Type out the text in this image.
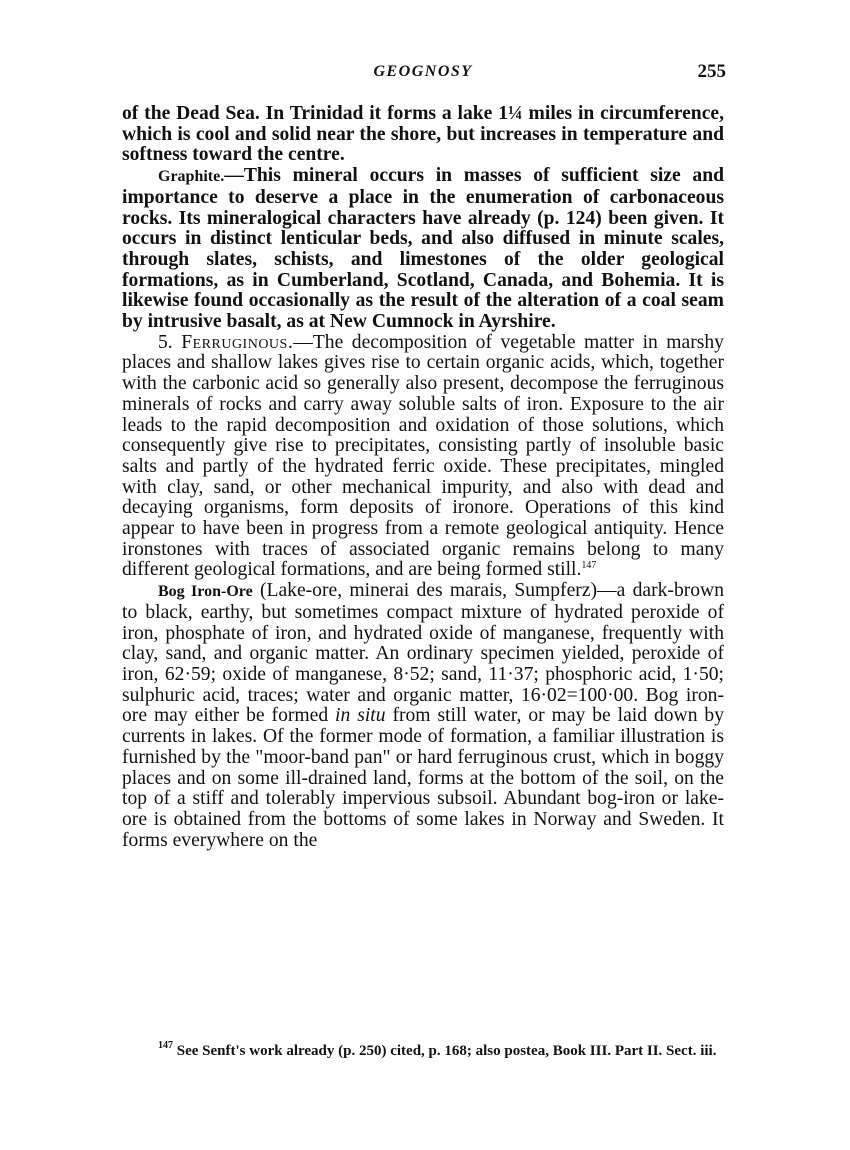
GEOGNOSY	255

of the Dead Sea. In Trinidad it forms a lake 1¼ miles in circumference, which is cool and solid near the shore, but increases in temperature and softness toward the centre.

Graphite.—This mineral occurs in masses of sufficient size and importance to deserve a place in the enumeration of carbonaceous rocks. Its mineralogical characters have already (p. 124) been given. It occurs in distinct lenticular beds, and also diffused in minute scales, through slates, schists, and limestones of the older geological formations, as in Cumberland, Scotland, Canada, and Bohemia. It is likewise found occasionally as the result of the alteration of a coal seam by intrusive basalt, as at New Cumnock in Ayrshire.

5. Ferruginous.—The decomposition of vegetable matter in marshy places and shallow lakes gives rise to certain organic acids, which, together with the carbonic acid so generally also present, decompose the ferruginous minerals of rocks and carry away soluble salts of iron. Exposure to the air leads to the rapid decomposition and oxidation of those solutions, which consequently give rise to precipitates, consisting partly of insoluble basic salts and partly of the hydrated ferric oxide. These precipitates, mingled with clay, sand, or other mechanical impurity, and also with dead and decaying organisms, form deposits of ironore. Operations of this kind appear to have been in progress from a remote geological antiquity. Hence ironstones with traces of associated organic remains belong to many different geological formations, and are being formed still.$^{147}$

Bog Iron-Ore (Lake-ore, minerai des marais, Sumpferz)—a dark-brown to black, earthy, but sometimes compact mixture of hydrated peroxide of iron, phosphate of iron, and hydrated oxide of manganese, frequently with clay, sand, and organic matter. An ordinary specimen yielded, peroxide of iron, 62·59; oxide of manganese, 8·52; sand, 11·37; phosphoric acid, 1·50; sulphuric acid, traces; water and organic matter, 16·02=100·00. Bog iron-ore may either be formed in situ from still water, or may be laid down by currents in lakes. Of the former mode of formation, a familiar illustration is furnished by the "moor-band pan" or hard ferruginous crust, which in boggy places and on some ill-drained land, forms at the bottom of the soil, on the top of a stiff and tolerably impervious subsoil. Abundant bog-iron or lake-ore is obtained from the bottoms of some lakes in Norway and Sweden. It forms everywhere on the

$^{147}$ See Senft's work already (p. 250) cited, p. 168; also postea, Book III. Part II. Sect. iii.
